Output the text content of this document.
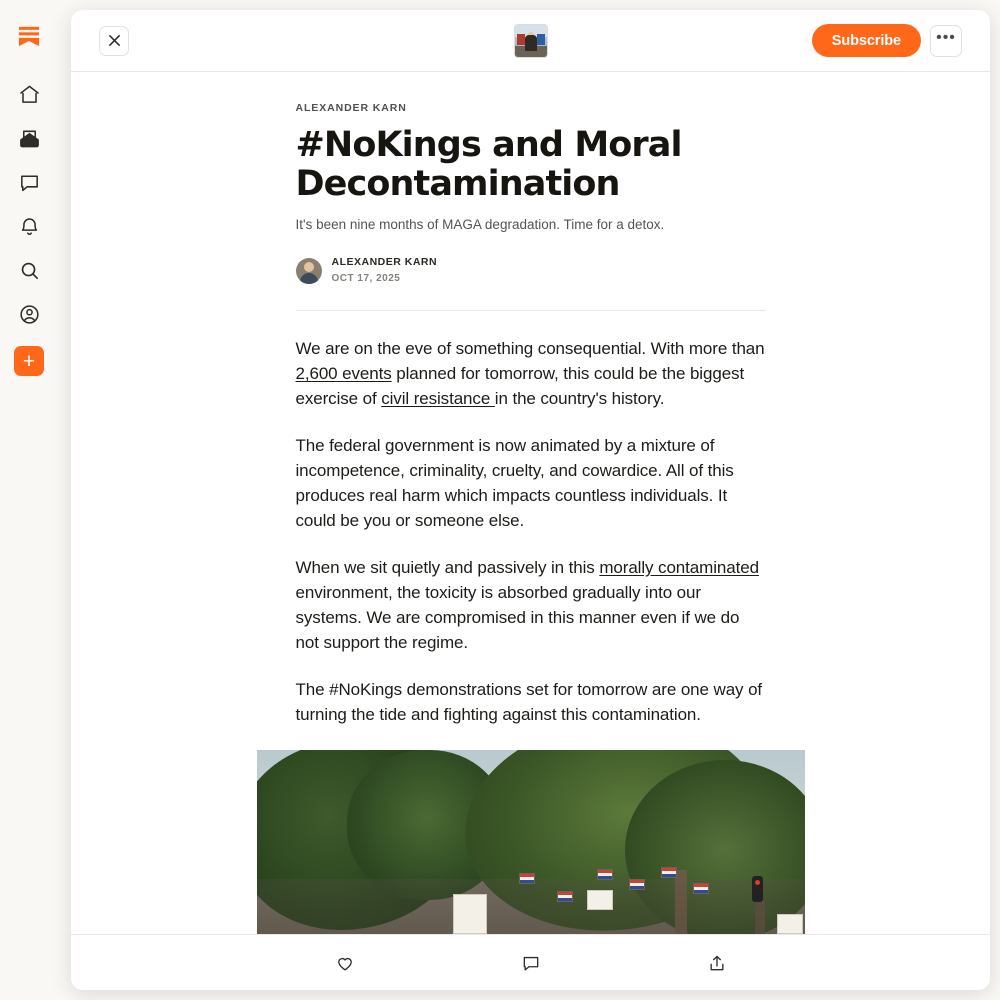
+
Subscribe	•••
ALEXANDER KARN
#NoKings and Moral Decontamination
It's been nine months of MAGA degradation. Time for a detox.
ALEXANDER KARN
OCT 17, 2025

We are on the eve of something consequential. With more than 2,600 events planned for tomorrow, this could be the biggest exercise of civil resistance in the country's history.

The federal government is now animated by a mixture of incompetence, criminality, cruelty, and cowardice. All of this produces real harm which impacts countless individuals. It could be you or someone else.

When we sit quietly and passively in this morally contaminated environment, the toxicity is absorbed gradually into our systems. We are compromised in this manner even if we do not support the regime.

The #NoKings demonstrations set for tomorrow are one way of turning the tide and fighting against this contamination.
